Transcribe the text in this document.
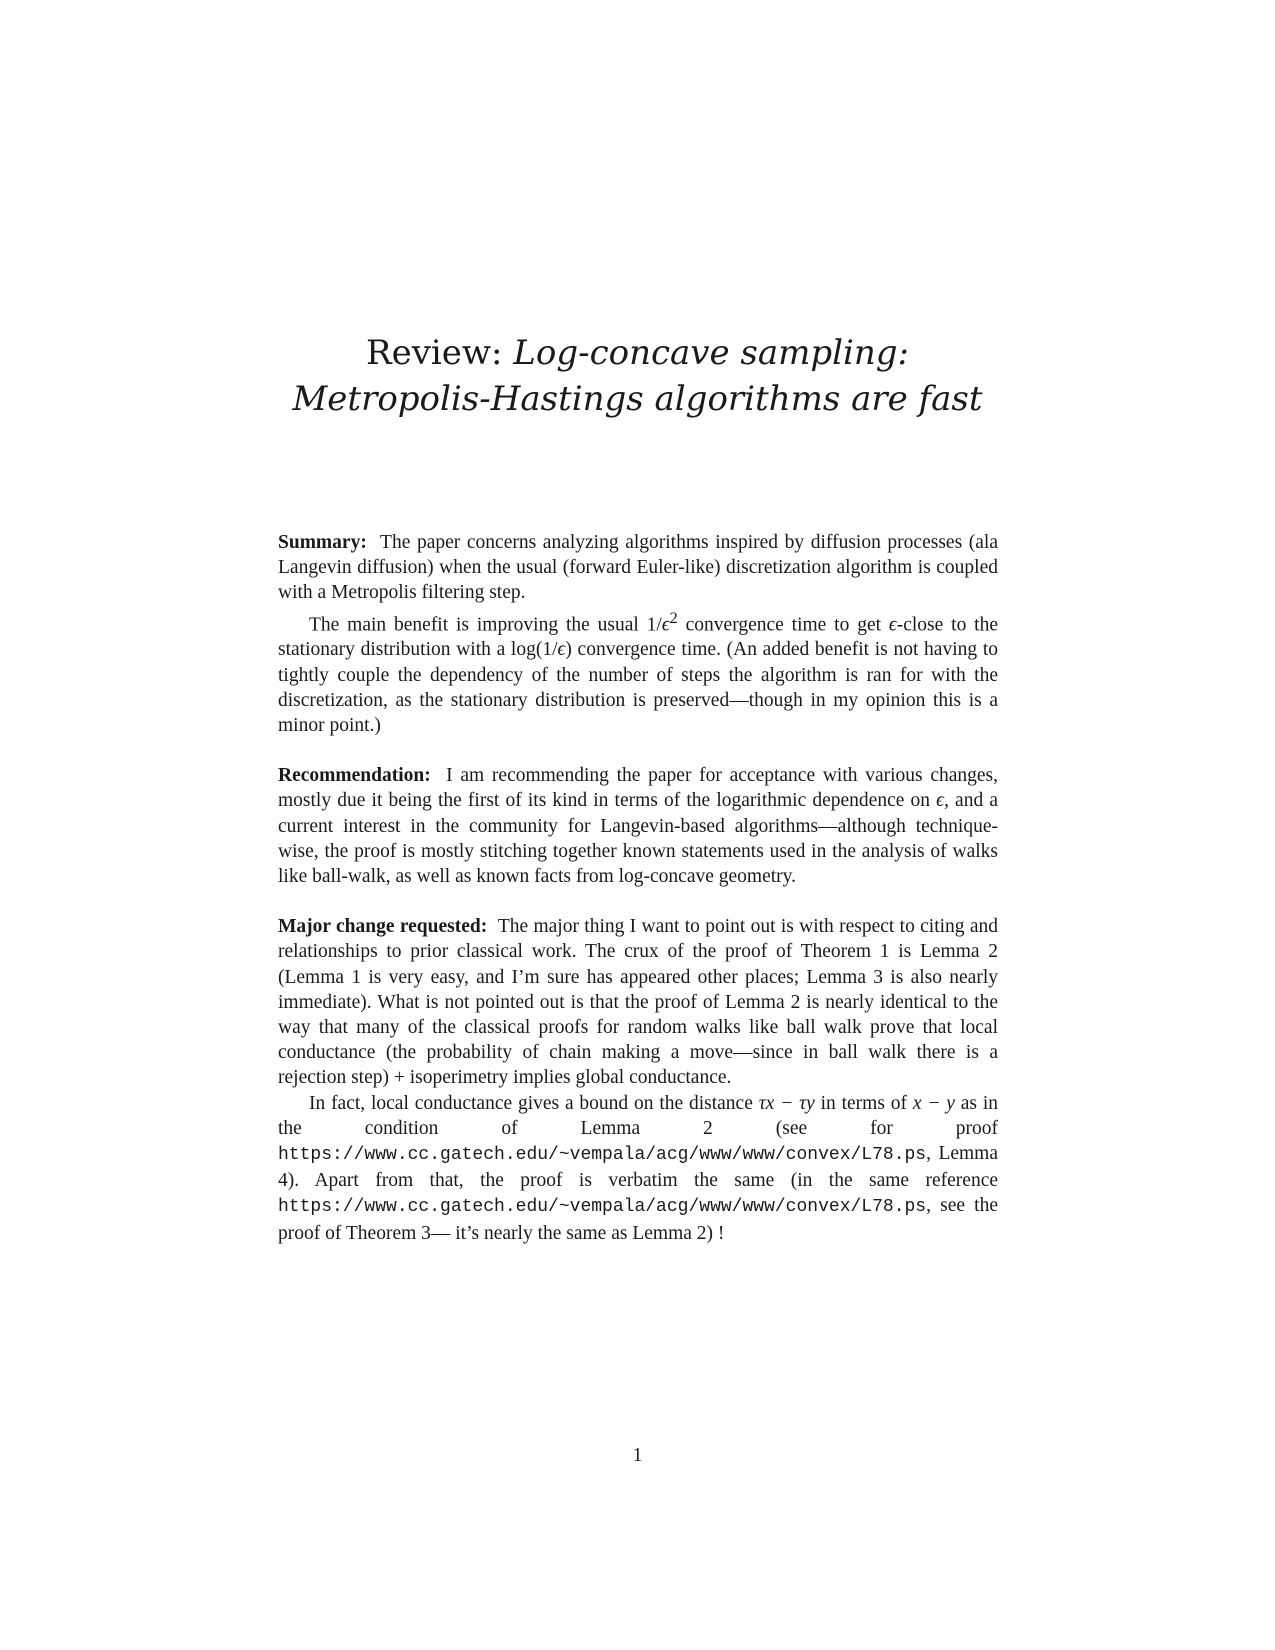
Review: Log-concave sampling:
Metropolis-Hastings algorithms are fast

Summary: The paper concerns analyzing algorithms inspired by diffusion processes (ala Langevin diffusion) when the usual (forward Euler-like) discretization algorithm is coupled with a Metropolis filtering step.

The main benefit is improving the usual $1/\epsilon^2$ convergence time to get ϵ-close to the stationary distribution with a log(1/ϵ) convergence time. (An added benefit is not having to tightly couple the dependency of the number of steps the algorithm is ran for with the discretization, as the stationary distribution is preserved—though in my opinion this is a minor point.)

Recommendation: I am recommending the paper for acceptance with various changes, mostly due it being the first of its kind in terms of the logarithmic dependence on ϵ, and a current interest in the community for Langevin-based algorithms—although technique-wise, the proof is mostly stitching together known statements used in the analysis of walks like ball-walk, as well as known facts from log-concave geometry.

Major change requested: The major thing I want to point out is with respect to citing and relationships to prior classical work. The crux of the proof of Theorem 1 is Lemma 2 (Lemma 1 is very easy, and I’m sure has appeared other places; Lemma 3 is also nearly immediate). What is not pointed out is that the proof of Lemma 2 is nearly identical to the way that many of the classical proofs for random walks like ball walk prove that local conductance (the probability of chain making a move—since in ball walk there is a rejection step) + isoperimetry implies global conductance.

In fact, local conductance gives a bound on the distance τx − τy in terms of x − y as in the condition of Lemma 2 (see for proof https://www.cc.gatech.edu/~vempala/acg/www/www/convex/L78.ps, Lemma 4). Apart from that, the proof is verbatim the same (in the same reference https://www.cc.gatech.edu/~vempala/acg/www/www/convex/L78.ps, see the proof of Theorem 3— it’s nearly the same as Lemma 2) !

1
